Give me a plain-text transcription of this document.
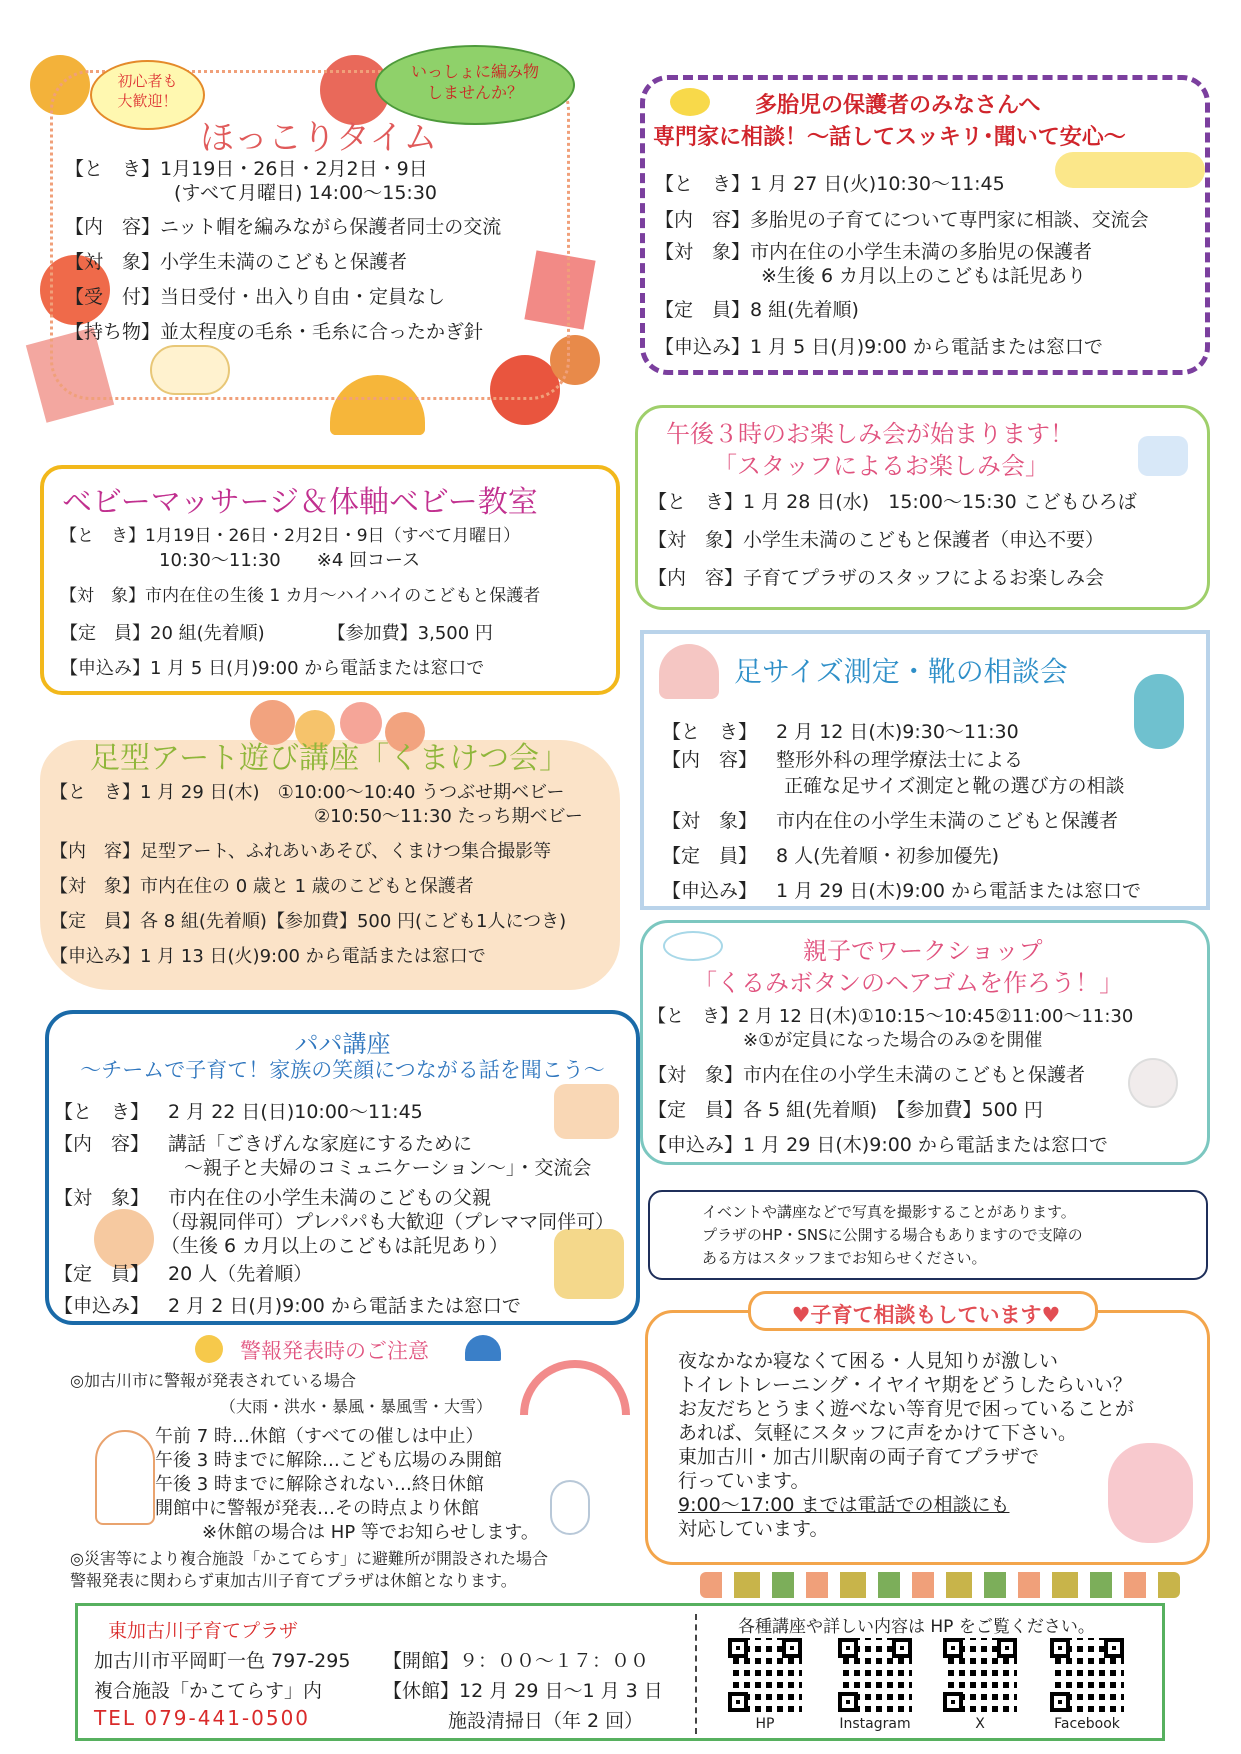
初心者も
大歓迎！
いっしょに編み物
しませんか？
ほっこりタイム
【と　き】1月19日・26日・2月2日・9日
　(すべて月曜日) 14:00～15:30
【内　容】ニット帽を編みながら保護者同士の交流
【対　象】小学生未満のこどもと保護者
【受　付】当日受付・出入り自由・定員なし
【持ち物】並太程度の毛糸・毛糸に合ったかぎ針
多胎児の保護者のみなさんへ
専門家に相談！～話してスッキリ･聞いて安心～
【と　き】1 月 27 日(火)10:30～11:45
【内　容】多胎児の子育てについて専門家に相談、交流会
【対　象】市内在住の小学生未満の多胎児の保護者
※生後 6 カ月以上のこどもは託児あり
【定　員】8 組(先着順)
【申込み】1 月 5 日(月)9:00 から電話または窓口で
ベビーマッサージ＆体軸ベビー教室
【と　き】1月19日・26日・2月2日・9日（すべて月曜日）
10:30～11:30　　※4 回コース
【対　象】市内在住の生後 1 カ月～ハイハイのこどもと保護者
【定　員】20 組(先着順)　　　　【参加費】3,500 円
【申込み】1 月 5 日(月)9:00 から電話または窓口で
午後３時のお楽しみ会が始まります！
「スタッフによるお楽しみ会」
【と　き】1 月 28 日(水)　15:00～15:30 こどもひろば
【対　象】小学生未満のこどもと保護者（申込不要）
【内　容】子育てプラザのスタッフによるお楽しみ会
足サイズ測定・靴の相談会
【と　き】　 2 月 12 日(木)9:30～11:30
【内　容】　 整形外科の理学療法士による
正確な足サイズ測定と靴の選び方の相談
【対　象】　 市内在住の小学生未満のこどもと保護者
【定　員】　 8 人(先着順・初参加優先)
【申込み】　 1 月 29 日(木)9:00 から電話または窓口で
足型アート遊び講座「くまけつ会」
【と　き】1 月 29 日(木)　①10:00～10:40 うつぶせ期ベビー
②10:50～11:30 たっち期ベビー
【内　容】足型アート、ふれあいあそび、くまけつ集合撮影等
【対　象】市内在住の 0 歳と 1 歳のこどもと保護者
【定　員】各 8 組(先着順)【参加費】500 円(こども1人につき)
【申込み】1 月 13 日(火)9:00 から電話または窓口で	親子でワークショップ
「くるみボタンのヘアゴムを作ろう！」
【と　き】2 月 12 日(木)①10:15～10:45②11:00～11:30
※①が定員になった場合のみ②を開催
【対　象】市内在住の小学生未満のこどもと保護者
【定　員】各 5 組(先着順)　【参加費】500 円
【申込み】1 月 29 日(木)9:00 から電話または窓口で
パパ講座
～チームで子育て！家族の笑顔につながる話を聞こう～
【と　き】　 2 月 22 日(日)10:00～11:45
【内　容】　 講話「ごきげんな家庭にするために
～親子と夫婦のコミュニケーション～」・交流会
【対　象】　 市内在住の小学生未満のこどもの父親
（母親同伴可）プレパパも大歓迎（プレママ同伴可）
（生後 6 カ月以上のこどもは託児あり）
【定　員】　 20 人（先着順）
【申込み】　 2 月 2 日(月)9:00 から電話または窓口で
イベントや講座などで写真を撮影することがあります。
プラザのHP・SNSに公開する場合もありますので支障の
ある方はスタッフまでお知らせください。
♥子育て相談もしています♥
夜なかなか寝なくて困る・人見知りが激しい
トイレトレーニング・イヤイヤ期をどうしたらいい？
お友だちとうまく遊べない等育児で困っていることが
あれば、気軽にスタッフに声をかけて下さい。
東加古川・加古川駅南の両子育てプラザで
行っています。
9:00～17:00 までは電話での相談にも
対応しています。
警報発表時のご注意
◎加古川市に警報が発表されている場合
（大雨・洪水・暴風・暴風雪・大雪）
午前 7 時…休館（すべての催しは中止）
午後 3 時までに解除…こども広場のみ開館
午後 3 時までに解除されない…終日休館
開館中に警報が発表…その時点より休館
※休館の場合は HP 等でお知らせします。
◎災害等により複合施設「かこてらす」に避難所が開設された場合
警報発表に関わらず東加古川子育てプラザは休館となります。
東加古川子育てプラザ
加古川市平岡町一色 797-295
複合施設「かこてらす」内
TEL 079-441-0500
【開館】９：００～１７：００
【休館】12 月 29 日～1 月 3 日
施設清掃日（年 2 回）
各種講座や詳しい内容は HP をご覧ください。
HP	Instagram	X	Facebook
